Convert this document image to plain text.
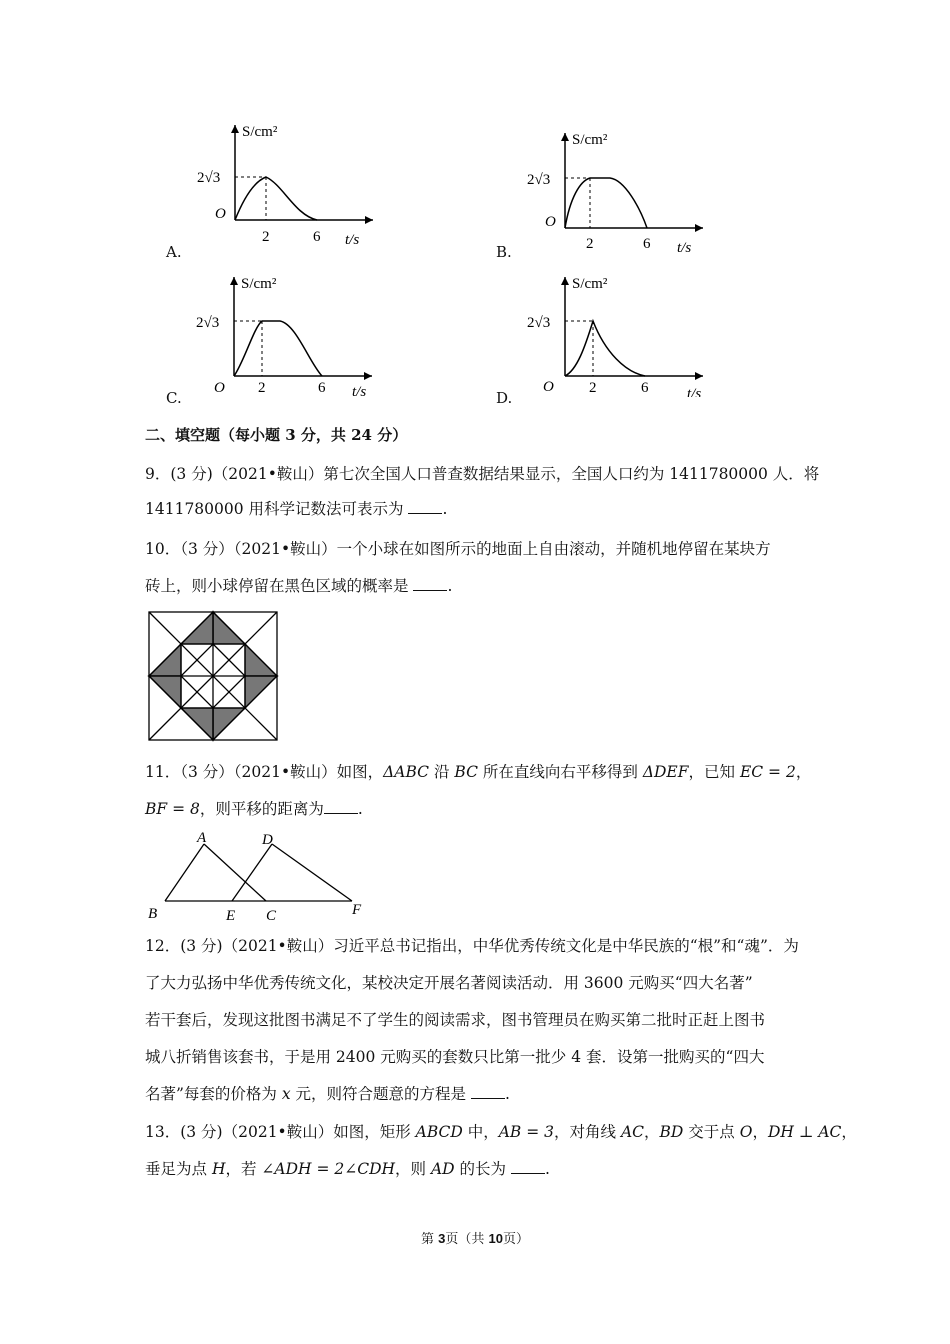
S/cm²
2√3
O
2	6 t/s
A.
S/cm²
2√3
O
2	6 t/s
B.
S/cm²
2√3
O 2	6 t/s
C.
S/cm²
2√3
O 2	6	t/s
D.
二、填空题（每小题 3 分，共 24 分）
9．(3 分)（2021•鞍山）第七次全国人口普查数据结果显示，全国人口约为 1411780000 人．将
1411780000 用科学记数法可表示为	.
10．（3 分）（2021•鞍山）一个小球在如图所示的地面上自由滚动，并随机地停留在某块方
砖上，则小球停留在黑色区域的概率是	.
11．（3 分）（2021•鞍山）如图，ΔABC 沿 BC 所在直线向右平移得到 ΔDEF，已知 EC = 2，
BF = 8，则平移的距离为 .
A	D
B	E C	F
12．(3 分)（2021•鞍山）习近平总书记指出，中华优秀传统文化是中华民族的“根”和“魂”．为
了大力弘扬中华优秀传统文化，某校决定开展名著阅读活动．用 3600 元购买“四大名著”
若干套后，发现这批图书满足不了学生的阅读需求，图书管理员在购买第二批时正赶上图书
城八折销售该套书，于是用 2400 元购买的套数只比第一批少 4 套．设第一批购买的“四大
名著”每套的价格为 x 元，则符合题意的方程是	.
13．(3 分)（2021•鞍山）如图，矩形 ABCD 中，AB = 3，对角线 AC，BD 交于点 O，DH ⊥ AC，
垂足为点 H，若 ∠ADH = 2∠CDH，则 AD 的长为	.
第 3页（共 10页）
